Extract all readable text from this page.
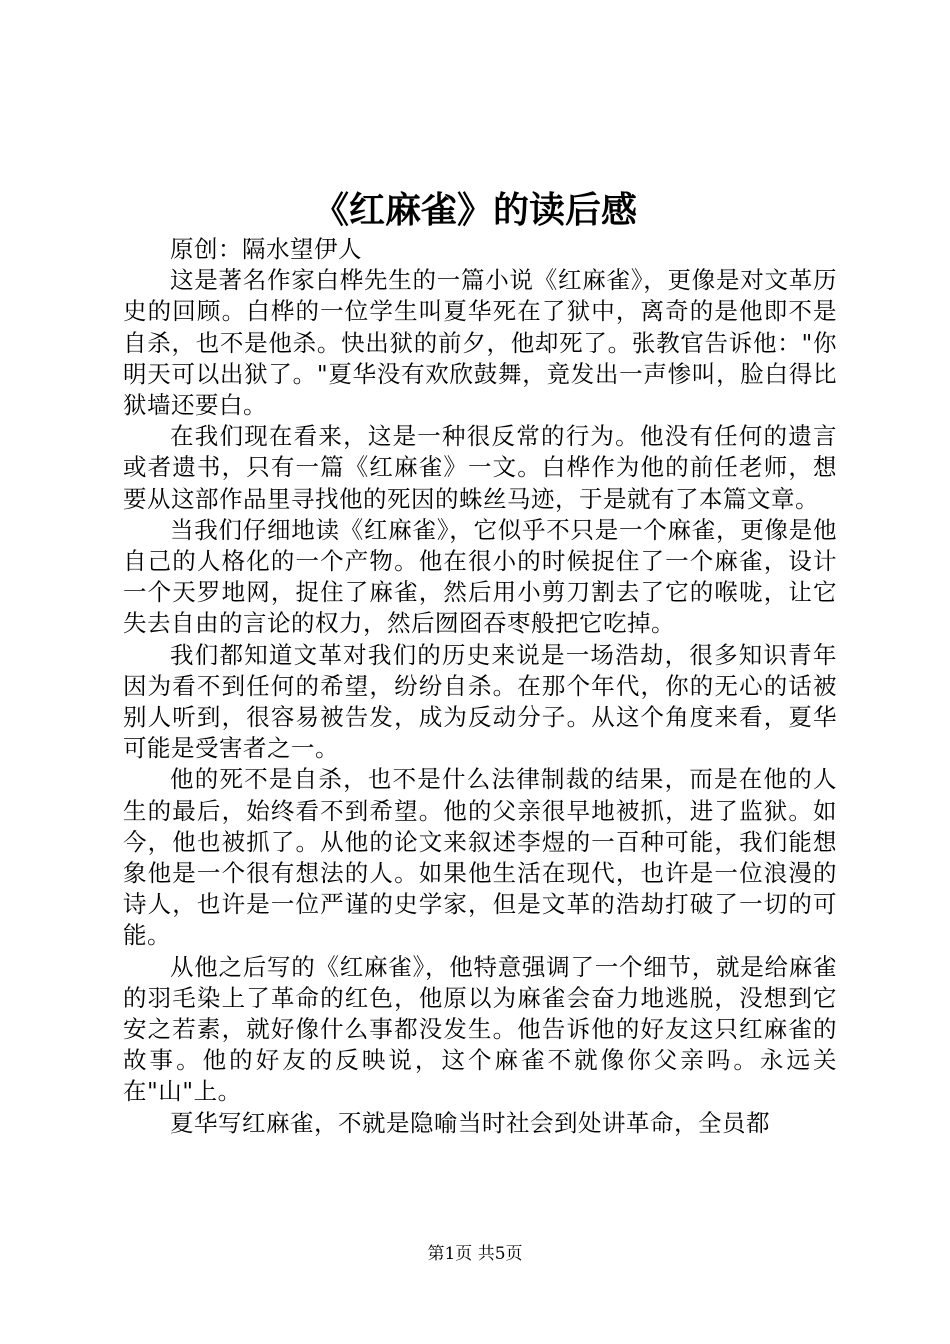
《红麻雀》的读后感

原创：隔水望伊人

这是著名作家白桦先生的一篇小说《红麻雀》，更像是对文革历史的回顾。白桦的一位学生叫夏华死在了狱中，离奇的是他即不是自杀，也不是他杀。快出狱的前夕，他却死了。张教官告诉他："你明天可以出狱了。"夏华没有欢欣鼓舞，竟发出一声惨叫，脸白得比狱墙还要白。

在我们现在看来，这是一种很反常的行为。他没有任何的遗言或者遗书，只有一篇《红麻雀》一文。白桦作为他的前任老师，想要从这部作品里寻找他的死因的蛛丝马迹，于是就有了本篇文章。

当我们仔细地读《红麻雀》，它似乎不只是一个麻雀，更像是他自己的人格化的一个产物。他在很小的时候捉住了一个麻雀，设计一个天罗地网，捉住了麻雀，然后用小剪刀割去了它的喉咙，让它失去自由的言论的权力，然后囫囵吞枣般把它吃掉。

我们都知道文革对我们的历史来说是一场浩劫，很多知识青年因为看不到任何的希望，纷纷自杀。在那个年代，你的无心的话被别人听到，很容易被告发，成为反动分子。从这个角度来看，夏华可能是受害者之一。

他的死不是自杀，也不是什么法律制裁的结果，而是在他的人生的最后，始终看不到希望。他的父亲很早地被抓，进了监狱。如今，他也被抓了。从他的论文来叙述李煜的一百种可能，我们能想象他是一个很有想法的人。如果他生活在现代，也许是一位浪漫的诗人，也许是一位严谨的史学家，但是文革的浩劫打破了一切的可能。

从他之后写的《红麻雀》，他特意强调了一个细节，就是给麻雀的羽毛染上了革命的红色，他原以为麻雀会奋力地逃脱，没想到它安之若素，就好像什么事都没发生。他告诉他的好友这只红麻雀的故事。他的好友的反映说，这个麻雀不就像你父亲吗。永远关在"山"上。

夏华写红麻雀，不就是隐喻当时社会到处讲革命，全员都

第1页 共5页
